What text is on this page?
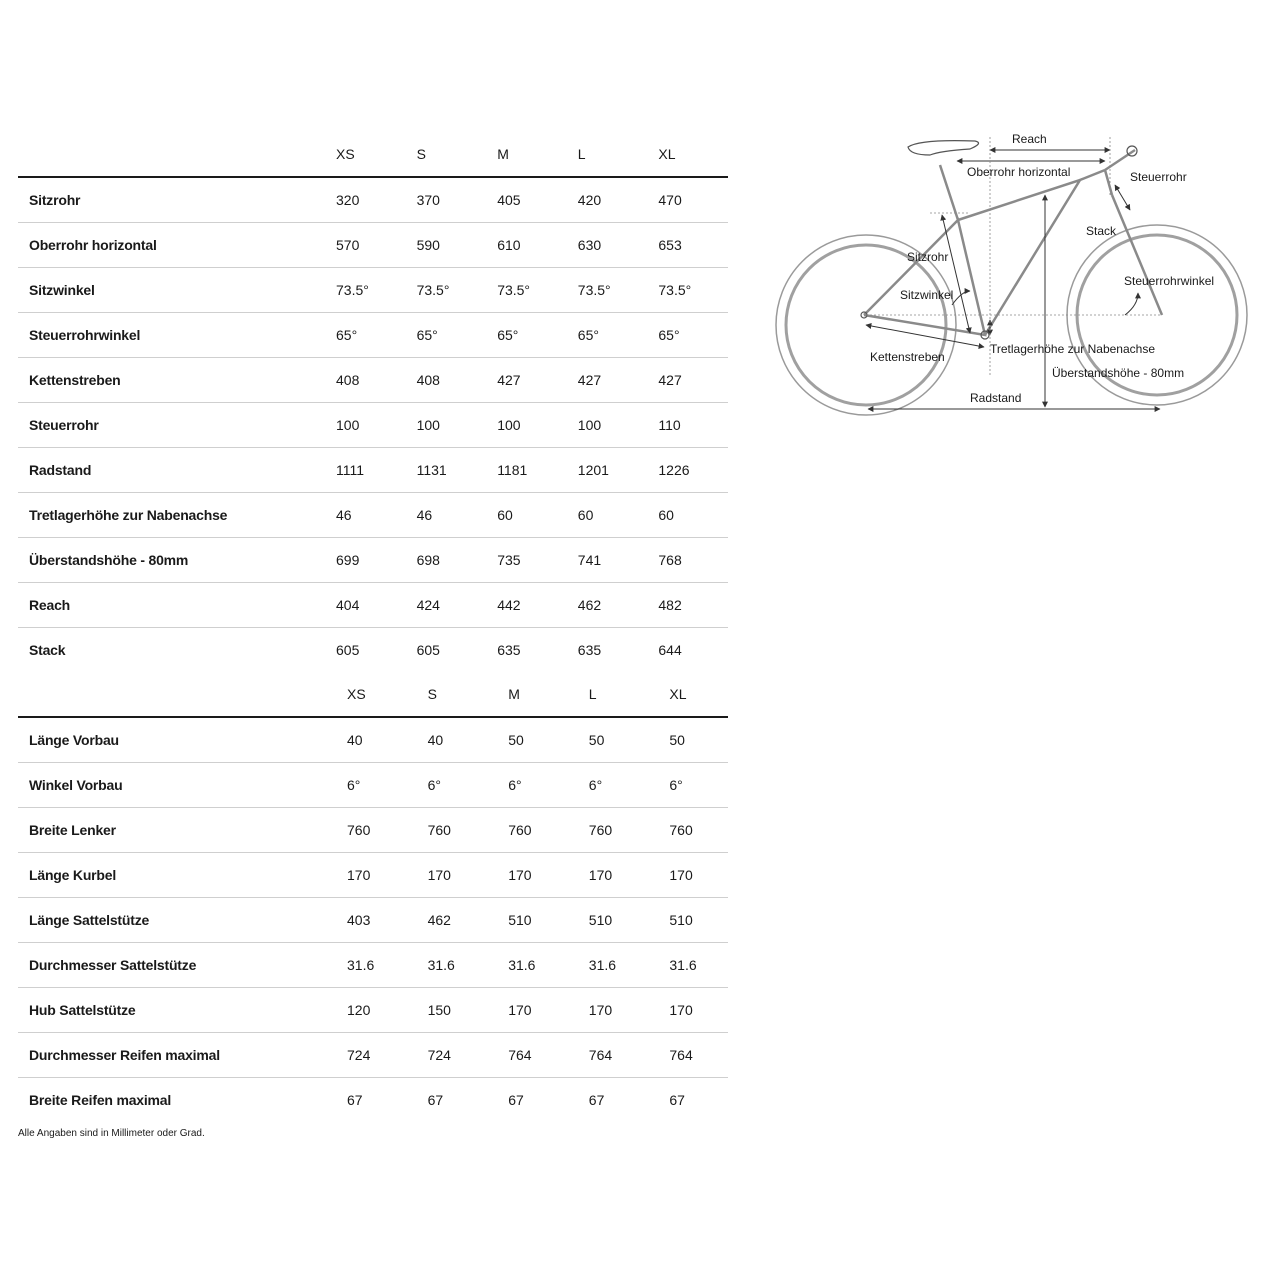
	XS	S	M	L	XL
Sitzrohr	320	370	405	420	470
Oberrohr horizontal	570	590	610	630	653
Sitzwinkel	73.5°	73.5°	73.5°	73.5°	73.5°
Steuerrohrwinkel	65°	65°	65°	65°	65°
Kettenstreben	408	408	427	427	427
Steuerrohr	100	100	100	100	110
Radstand	1111	1131	1181	1201	1226
Tretlagerhöhe zur Nabenachse	46	46	60	60	60
Überstandshöhe - 80mm	699	698	735	741	768
Reach	404	424	442	462	482
Stack	605	605	635	635	644
	XS	S	M	L	XL
Länge Vorbau	40	40	50	50	50
Winkel Vorbau	6°	6°	6°	6°	6°
Breite Lenker	760	760	760	760	760
Länge Kurbel	170	170	170	170	170
Länge Sattelstütze	403	462	510	510	510
Durchmesser Sattelstütze	31.6	31.6	31.6	31.6	31.6
Hub Sattelstütze	120	150	170	170	170
Durchmesser Reifen maximal	724	724	764	764	764
Breite Reifen maximal	67	67	67	67	67
Alle Angaben sind in Millimeter oder Grad.
Reach
Oberrohr horizontal	Steuerrohr
Stack
Sitzrohr
Sitzwinkel
Steuerrohrwinkel
Kettenstreben
Tretlagerhöhe zur Nabenachse
Überstandshöhe - 80mm
Radstand
